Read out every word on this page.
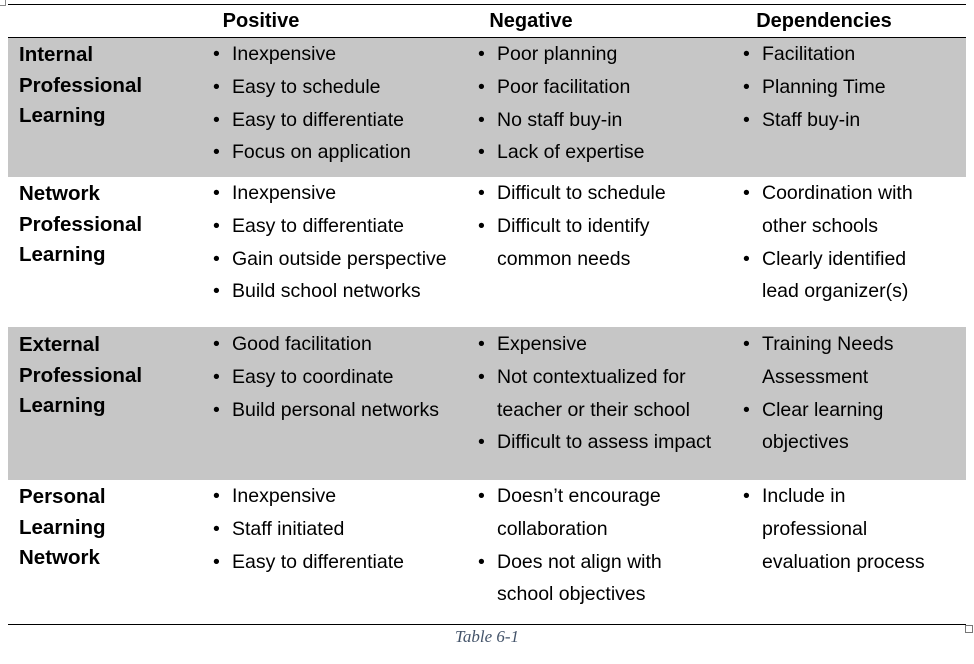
Positive	Negative	Dependencies
Internal
Professional
Learning
• Inexpensive
• Easy to schedule
• Easy to differentiate
• Focus on application
• Poor planning
• Poor facilitation
• No staff buy-in
• Lack of expertise
• Facilitation
• Planning Time
• Staff buy-in
Network
Professional
Learning
• Inexpensive
• Easy to differentiate
• Gain outside perspective
• Build school networks
• Difficult to schedule
• Difficult to identify
common needs
• Coordination with
other schools
• Clearly identified
lead organizer(s)
External
Professional
Learning
• Good facilitation
• Easy to coordinate
• Build personal networks
• Expensive
• Not contextualized for
teacher or their school
• Difficult to assess impact
• Training Needs
Assessment
• Clear learning
objectives
Personal
Learning
Network
• Inexpensive
• Staff initiated
• Easy to differentiate
• Doesn’t encourage
collaboration
• Does not align with
school objectives
• Include in
professional
evaluation process
Table 6-1
